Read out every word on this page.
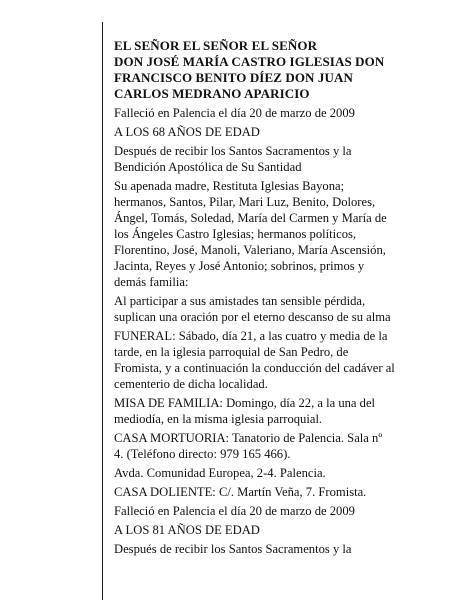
EL SEÑOR EL SEÑOR EL SEÑOR
DON JOSÉ MARÍA CASTRO IGLESIAS DON
FRANCISCO BENITO DÍEZ DON JUAN
CARLOS MEDRANO APARICIO

Falleció en Palencia el día 20 de marzo de 2009

A LOS 68 AÑOS DE EDAD

Después de recibir los Santos Sacramentos y la
Bendición Apostólica de Su Santidad

Su apenada madre, Restituta Iglesias Bayona;
hermanos, Santos, Pilar, Mari Luz, Benito, Dolores,
Ángel, Tomás, Soledad, María del Carmen y María de
los Ángeles Castro Iglesias; hermanos políticos,
Florentino, José, Manoli, Valeriano, María Ascensión,
Jacinta, Reyes y José Antonio; sobrinos, primos y
demás familia:

Al participar a sus amistades tan sensible pérdida,
suplican una oración por el eterno descanso de su alma

FUNERAL: Sábado, día 21, a las cuatro y media de la
tarde, en la iglesia parroquial de San Pedro, de
Fromista, y a continuación la conducción del cadáver al
cementerio de dicha localidad.

MISA DE FAMILIA: Domingo, día 22, a la una del
mediodía, en la misma iglesia parroquial.

CASA MORTUORIA: Tanatorio de Palencia. Sala nº
4. (Teléfono directo: 979 165 466).

Avda. Comunidad Europea, 2-4. Palencia.

CASA DOLIENTE: C/. Martín Veña, 7. Fromista.

Falleció en Palencia el día 20 de marzo de 2009

A LOS 81 AÑOS DE EDAD

Después de recibir los Santos Sacramentos y la
